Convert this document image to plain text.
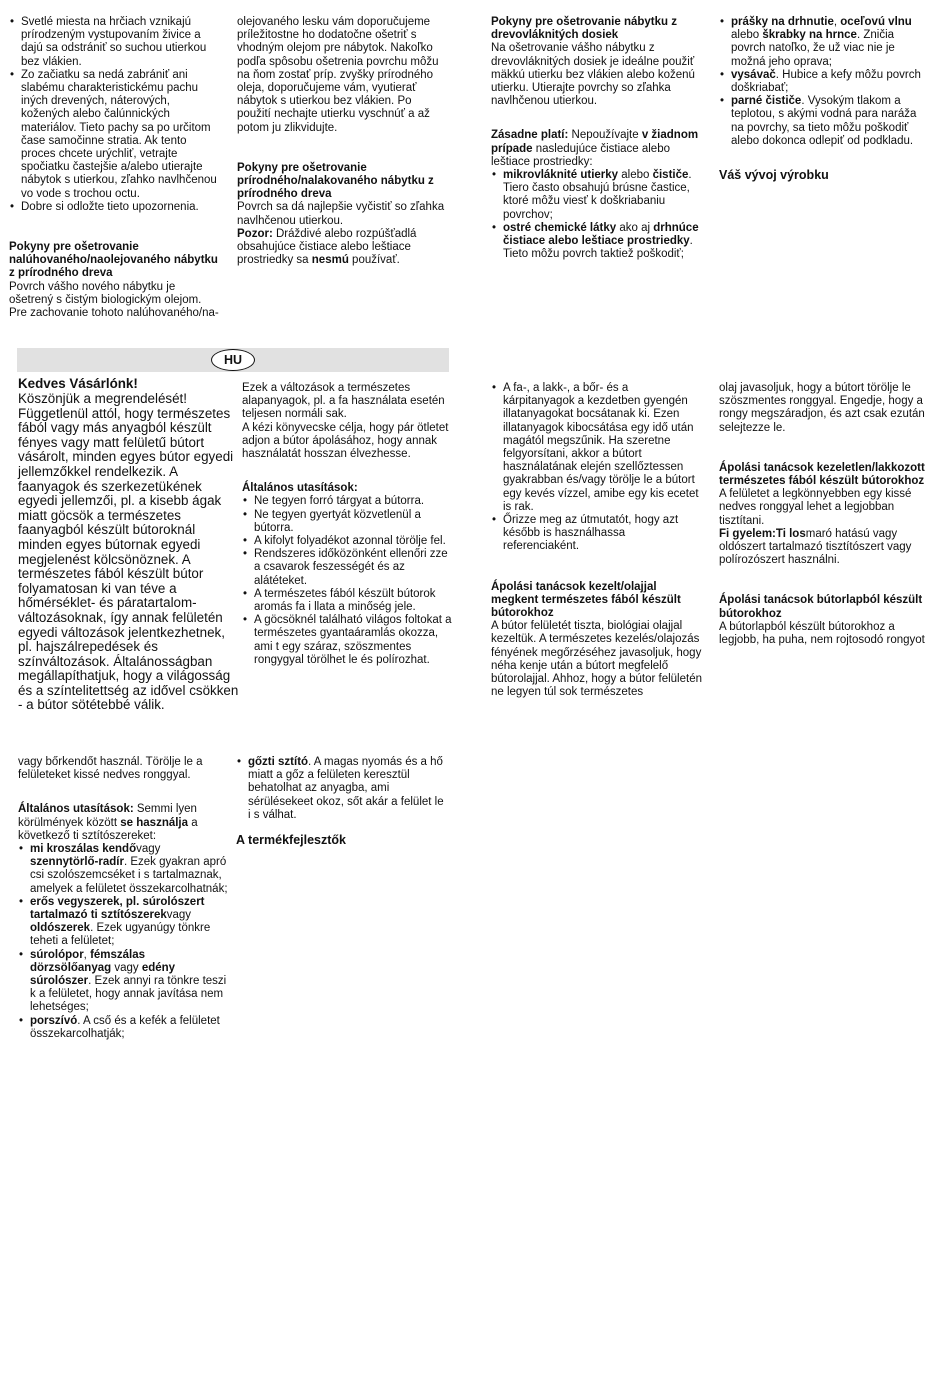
• Svetlé miesta na hrčiach vznikajú prírodzeným vystupovaním živice a dajú sa odstrániť so suchou utierkou bez vlákien.
• Zo začiatku sa nedá zabrániť ani slabému charakteristickému pachu iných drevených, náterových, kožených alebo čalúnnických materiálov. Tieto pachy sa po určitom čase samočinne stratia. Ak tento proces chcete urýchliť, vetrajte spočiatku častejšie a/alebo utierajte nábytok s utierkou, zľahko navlhčenou vo vode s trochou octu.
• Dobre si odložte tieto upozornenia.

Pokyny pre ošetrovanie nalúhovaného/naolejovaného nábytku z prírodného dreva

Povrch vášho nového nábytku je ošetrený s čistým biologickým olejom. Pre zachovanie tohoto nalúhovaného/na-

olejovaného lesku vám doporučujeme príležitostne ho dodatočne ošetriť s vhodným olejom pre nábytok. Nakoľko podľa spôsobu ošetrenia povrchu môžu na ňom zostať príp. zvyšky prírodného oleja, doporučujeme vám, vyutierať nábytok s utierkou bez vlákien. Po použití nechajte utierku vyschnúť a až potom ju zlikvidujte.

Pokyny pre ošetrovanie prírodného/nalakovaného nábytku z prírodného dreva

Povrch sa dá najlepšie vyčistiť so zľahka navlhčenou utierkou.

Pozor: Dráždivé alebo rozpúšťadlá obsahujúce čistiace alebo leštiace prostriedky sa nesmú používať.

Pokyny pre ošetrovanie nábytku z drevovláknitých dosiek

Na ošetrovanie vášho nábytku z drevovláknitých dosiek je ideálne použiť mäkkú utierku bez vlákien alebo koženú utierku. Utierajte povrchy so zľahka navlhčenou utierkou.

Zásadne platí: Nepoužívajte v žiadnom prípade nasledujúce čistiace alebo leštiace prostriedky:

• mikrovláknité utierky alebo čističe. Tiero často obsahujú brúsne častice, ktoré môžu viesť k doškriabaniu povrchov;
• ostré chemické látky ako aj drhnúce čistiace alebo leštiace prostriedky. Tieto môžu povrch taktiež poškodiť;
• prášky na drhnutie, oceľovú vlnu alebo škrabky na hrnce. Zničia povrch natoľko, že už viac nie je možná jeho oprava;
• vysávač. Hubice a kefy môžu povrch doškriabať;
• parné čističe. Vysokým tlakom a teplotou, s akými vodná para naráža na povrchy, sa tieto môžu poškodiť alebo dokonca odlepiť od podkladu.

Váš vývoj výrobku

HU

Kedves Vásárlónk!

Köszönjük a megrendelését! Függetlenül attól, hogy természetes fából vagy más anyagból készült fényes vagy matt felületű bútort vásárolt, minden egyes bútor egyedi jellemzőkkel rendelkezik. A faanyagok és szerkezetükének egyedi jellemzői, pl. a kisebb ágak miatt göcsök a természetes faanyagból készült bútoroknál minden egyes bútornak egyedi megjelenést kölcsönöznek. A természetes fából készült bútor folyamatosan ki van téve a hőmérséklet- és páratartalom-változásoknak, így annak felületén egyedi változások jelentkezhetnek, pl. hajszálrepedések és színváltozások. Általánosságban megállapíthatjuk, hogy a világosság és a színtelitettség az idővel csökken - a bútor sötétebbé válik.

Ezek a változások a természetes alapanyagok, pl. a fa használata esetén teljesen normáli sak.

A kézi könyvecske célja, hogy pár ötletet adjon a bútor ápolásához, hogy annak használatát hosszan élvezhesse.

Általános utasítások:

• Ne tegyen forró tárgyat a bútorra.
• Ne tegyen gyertyát közvetlenül a bútorra.
• A kifolyt folyadékot azonnal törölje fel.
• Rendszeres időközönként ellenőri zze a csavarok feszességét és az alátéteket.
• A természetes fából készült bútorok aromás fa i llata a minőség jele.
• A göcsöknél található világos foltokat a természetes gyantaáramlás okozza, ami t egy száraz, szöszmentes rongygyal törölhet le és polírozhat.
• A fa-, a lakk-, a bőr- és a kárpitanyagok a kezdetben gyengén illatanyagokat bocsátanak ki. Ezen illatanyagok kibocsátása egy idő után magától megszűnik. Ha szeretne felgyorsítani, akkor a bútort használatának elején szellőztessen gyakrabban és/vagy törölje le a bútort egy kevés vízzel, amibe egy kis ecetet is rak.
• Őrizze meg az útmutatót, hogy azt később is használhassa referenciaként.

Ápolási tanácsok kezelt/olajjal megkent természetes fából készült bútorokhoz

A bútor felületét tiszta, biológiai olajjal kezeltük. A természetes kezelés/olajozás fényének megőrzéséhez javasoljuk, hogy néha kenje után a bútort megfelelő bútorolajjal. Ahhoz, hogy a bútor felületén ne legyen túl sok természetes

olaj javasoljuk, hogy a bútort törölje le szöszmentes ronggyal. Engedje, hogy a rongy megszáradjon, és azt csak ezután selejtezze le.

Ápolási tanácsok kezeletlen/lakkozott természetes fából készült bútorokhoz

A felületet a legkönnyebben egy kissé nedves ronggyal lehet a legjobban tisztítani.

Fi gyelem:Ti losmaró hatású vagy oldószert tartalmazó tisztítószert vagy polírozószert használni.

Ápolási tanácsok bútorlapból készült bútorokhoz

A bútorlapból készült bútorokhoz a legjobb, ha puha, nem rojtosodó rongyot

vagy bőrkendőt használ. Törölje le a felületeket kissé nedves ronggyal.

Általános utasítások: Semmi lyen körülmények között se használja a következő ti sztítószereket:

• mi kroszálas kendővagy szennytörlő-radír. Ezek gyakran apró csi szolószemcséket i s tartalmaznak, amelyek a felületet összekarcolhatnák;
• erős vegyszerek, pl. súrolószert tartalmazó ti sztítószerekvagy oldószerek. Ezek ugyanúgy tönkre teheti a felületet;
• súrolópor, fémszálas dörzsölőanyag vagy edény súrolószer. Ezek annyi ra tönkre teszi k a felületet, hogy annak javítása nem lehetséges;
• porszívó. A cső és a kefék a felületet összekarcolhatják;
• gőzti sztító. A magas nyomás és a hő miatt a gőz a felületen keresztül behatolhat az anyagba, ami sérülésekeet okoz, sőt akár a felület le i s válhat.

A termékfejlesztők
